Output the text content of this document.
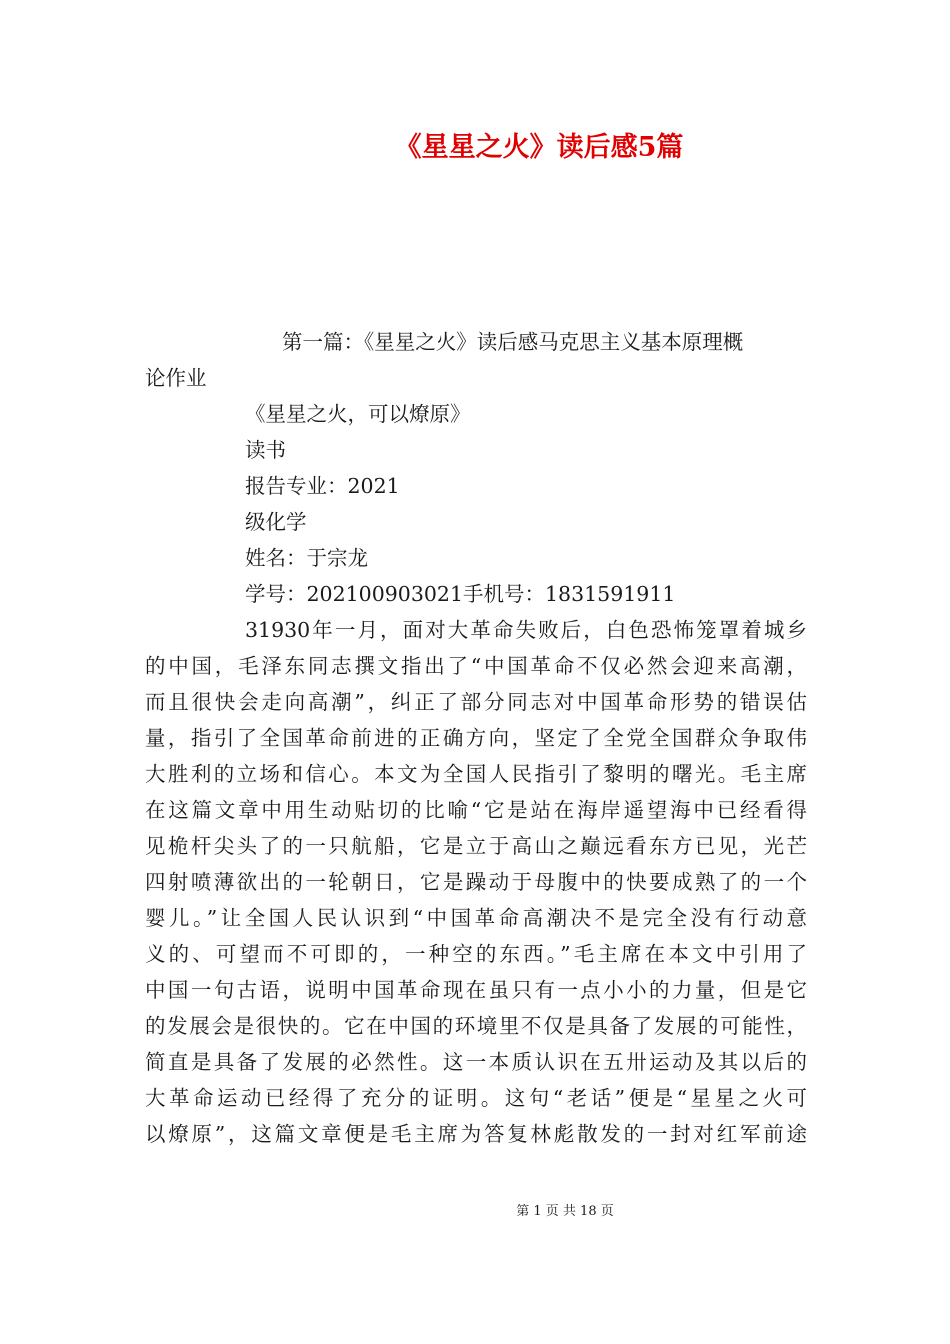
《星星之火》读后感5篇
第一篇：《星星之火》读后感马克思主义基本原理概
论作业
《星星之火，可以燎原》
读书
报告专业：2021
级化学
姓名：于宗龙
学号：202100903021手机号：1831591911
31930年一月，面对大革命失败后，白色恐怖笼罩着城乡
的中国，毛泽东同志撰文指出了“中国革命不仅必然会迎来高潮，
而且很快会走向高潮”，纠正了部分同志对中国革命形势的错误估
量，指引了全国革命前进的正确方向，坚定了全党全国群众争取伟
大胜利的立场和信心。本文为全国人民指引了黎明的曙光。毛主席
在这篇文章中用生动贴切的比喻“它是站在海岸遥望海中已经看得
见桅杆尖头了的一只航船，它是立于高山之巅远看东方已见，光芒
四射喷薄欲出的一轮朝日，它是躁动于母腹中的快要成熟了的一个
婴儿。”让全国人民认识到“中国革命高潮决不是完全没有行动意
义的、可望而不可即的，一种空的东西。”毛主席在本文中引用了
中国一句古语，说明中国革命现在虽只有一点小小的力量，但是它
的发展会是很快的。它在中国的环境里不仅是具备了发展的可能性，
简直是具备了发展的必然性。这一本质认识在五卅运动及其以后的
大革命运动已经得了充分的证明。这句“老话”便是“星星之火可
以燎原”，这篇文章便是毛主席为答复林彪散发的一封对红军前途
第 1 页 共 18 页
